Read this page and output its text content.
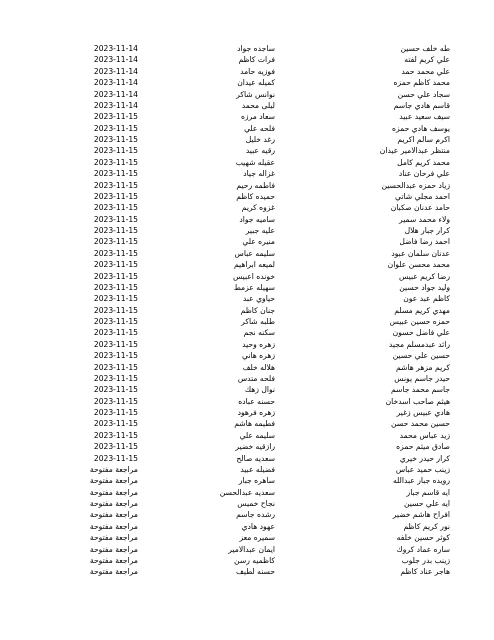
طه خلف حسين
ساجده جواد
2023-11-14
علي كريم لفته
فرات كاظم
2023-11-14
علي محمد حمد
فوزيه حامد
2023-11-14
محمد كاظم حمزه
كميله عيدان
2023-11-14
سجاد علي حسن
نوانس شاكر
2023-11-14
قاسم هادي جاسم
ليلى محمد
2023-11-14
سيف سعيد عبيد
سعاد مرزه
2023-11-15
يوسف هادي حمزه
فلحه علي
2023-11-15
اكرم سالم اكريم
رغد خليل
2023-11-15
منتظر عبدالامير عيدان
رقيه عبيد
2023-11-15
محمد كريم كامل
عقيله شهيب
2023-11-15
علي فرحان عناد
غزاله جياد
2023-11-15
زياد حمزه عبدالحسين
فاطمه رحيم
2023-11-15
احمد مجلي شاتي
حميده كاظم
2023-11-15
حامد عدنان صكبان
غزوه كريم
2023-11-15
ولاء محمد سمير
ساميه جواد
2023-11-15
كرار جبار هلال
عليه جبير
2023-11-15
احمد رضا فاضل
منيره علي
2023-11-15
عدنان سلمان عبود
سليمه عباس
2023-11-15
محمد محسن علوان
لميعه ابراهيم
2023-11-15
رضا كريم عبيس
خونده اعبيس
2023-11-15
وليد جواد حسين
سهيله عزمط
2023-11-15
كاظم عبد عون
حياوي عبد
2023-11-15
مهدي كريم مسلم
جنان كاظم
2023-11-15
حمزه حسين عبيس
طلبه شاكر
2023-11-15
علي فاضل حسون
سكنه نجم
2023-11-15
رائد عبدمسلم مجيد
زهره وحيد
2023-11-15
حسين علي حسين
زهره هاني
2023-11-15
كريم مزهر هاشم
هلاله خلف
2023-11-15
حيدر جاسم يونس
فلحه متدس
2023-11-15
جاسم محمد جاسم
نوال زهك
2023-11-15
هيثم صاحب اسدخان
حسنه عباده
2023-11-15
هادي عبيس زغير
زهره فرهود
2023-11-15
حسين محمد حسن
فطيمه هاشم
2023-11-15
زيد عباس محمد
سليمه علي
2023-11-15
صادق ميثم حمزه
رازقيه خضير
2023-11-15
كرار حيدر خيري
سعديه صالح
2023-11-15
زينب حميد عباس
فضيله عبيد
مراجعة مفتوحة
رويده جبار عبدالله
ساهره جبار
مراجعة مفتوحة
ايه قاسم جبار
سعديه عبدالحسن
مراجعة مفتوحة
ايه علي حسين
نجاح خميس
مراجعة مفتوحة
افراح هاشم خضير
رشده جاسم
مراجعة مفتوحة
نور كريم كاظم
عهود هادي
مراجعة مفتوحة
كوثر حسين خلفه
سميره معز
مراجعة مفتوحة
ساره عماد كروك
ايمان عبدالامير
مراجعة مفتوحة
زينب بدر جلوب
كاظميه رسن
مراجعة مفتوحة
هاجر عناد كاظم
حسنه لطيف
مراجعة مفتوحة
